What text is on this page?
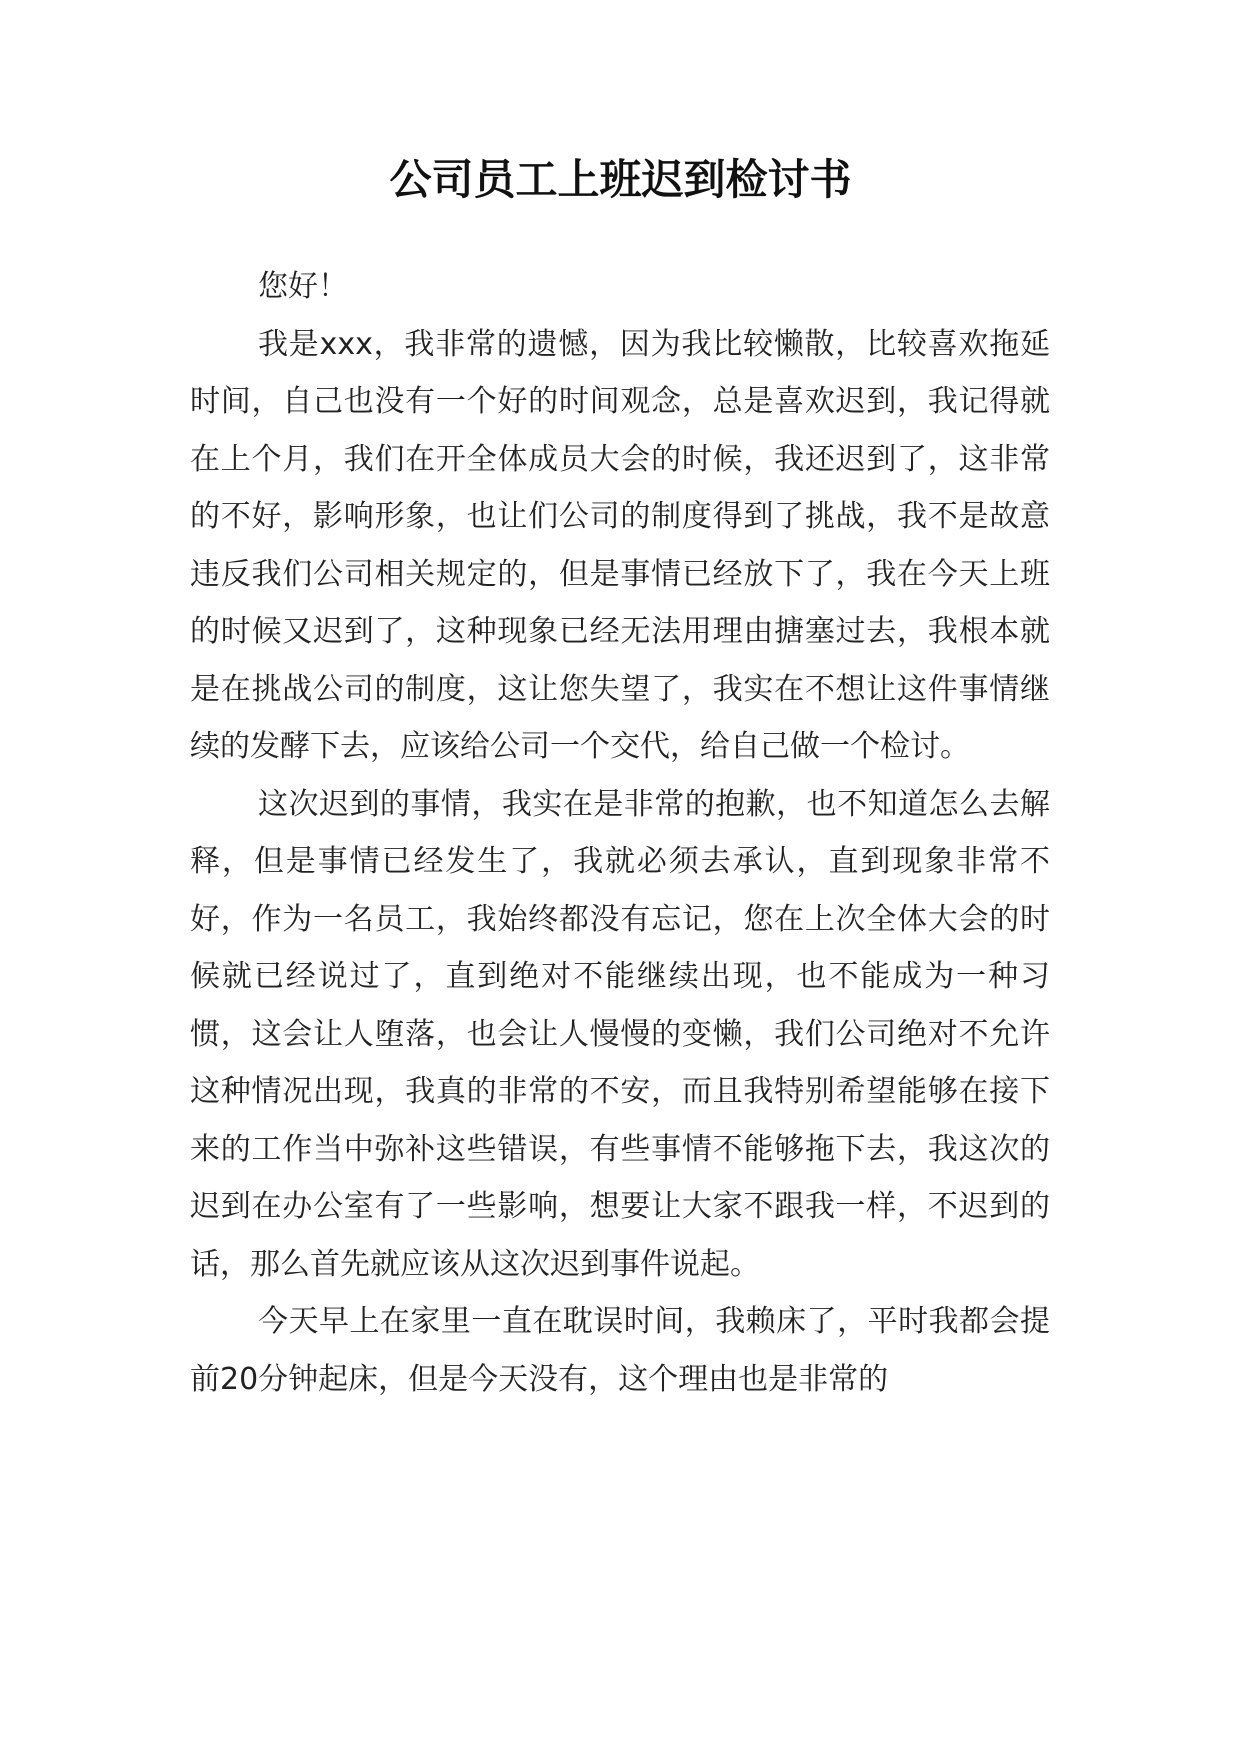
公司员工上班迟到检讨书

您好！

我是xxx，我非常的遗憾，因为我比较懒散，比较喜欢拖延时间，自己也没有一个好的时间观念，总是喜欢迟到，我记得就在上个月，我们在开全体成员大会的时候，我还迟到了，这非常的不好，影响形象，也让们公司的制度得到了挑战，我不是故意违反我们公司相关规定的，但是事情已经放下了，我在今天上班的时候又迟到了，这种现象已经无法用理由搪塞过去，我根本就是在挑战公司的制度，这让您失望了，我实在不想让这件事情继续的发酵下去，应该给公司一个交代，给自己做一个检讨。

这次迟到的事情，我实在是非常的抱歉，也不知道怎么去解释，但是事情已经发生了，我就必须去承认，直到现象非常不好，作为一名员工，我始终都没有忘记，您在上次全体大会的时候就已经说过了，直到绝对不能继续出现，也不能成为一种习惯，这会让人堕落，也会让人慢慢的变懒，我们公司绝对不允许这种情况出现，我真的非常的不安，而且我特别希望能够在接下来的工作当中弥补这些错误，有些事情不能够拖下去，我这次的迟到在办公室有了一些影响，想要让大家不跟我一样，不迟到的话，那么首先就应该从这次迟到事件说起。

今天早上在家里一直在耽误时间，我赖床了，平时我都会提前20分钟起床，但是今天没有，这个理由也是非常的
